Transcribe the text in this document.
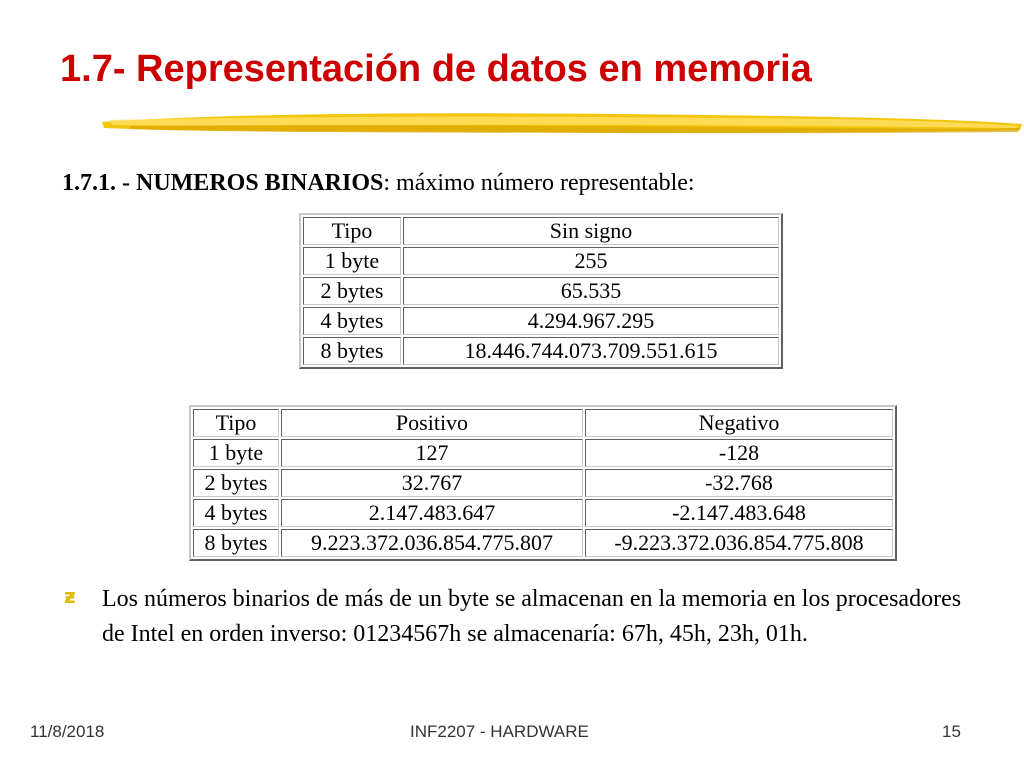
1.7- Representación de datos en memoria
1.7.1. - NUMEROS BINARIOS: máximo número representable:
Tipo	Sin signo
1 byte	255
2 bytes	65.535
4 bytes	4.294.967.295
8 bytes	18.446.744.073.709.551.615
Tipo	Positivo	Negativo
1 byte	127	-128
2 bytes	32.767	-32.768
4 bytes	2.147.483.647	-2.147.483.648
8 bytes	9.223.372.036.854.775.807	-9.223.372.036.854.775.808
ƶ Los números binarios de más de un byte se almacenan en la memoria en los procesadores de Intel en orden inverso: 01234567h se almacenaría: 67h, 45h, 23h, 01h.
11/8/2018	INF2207 - HARDWARE	15
